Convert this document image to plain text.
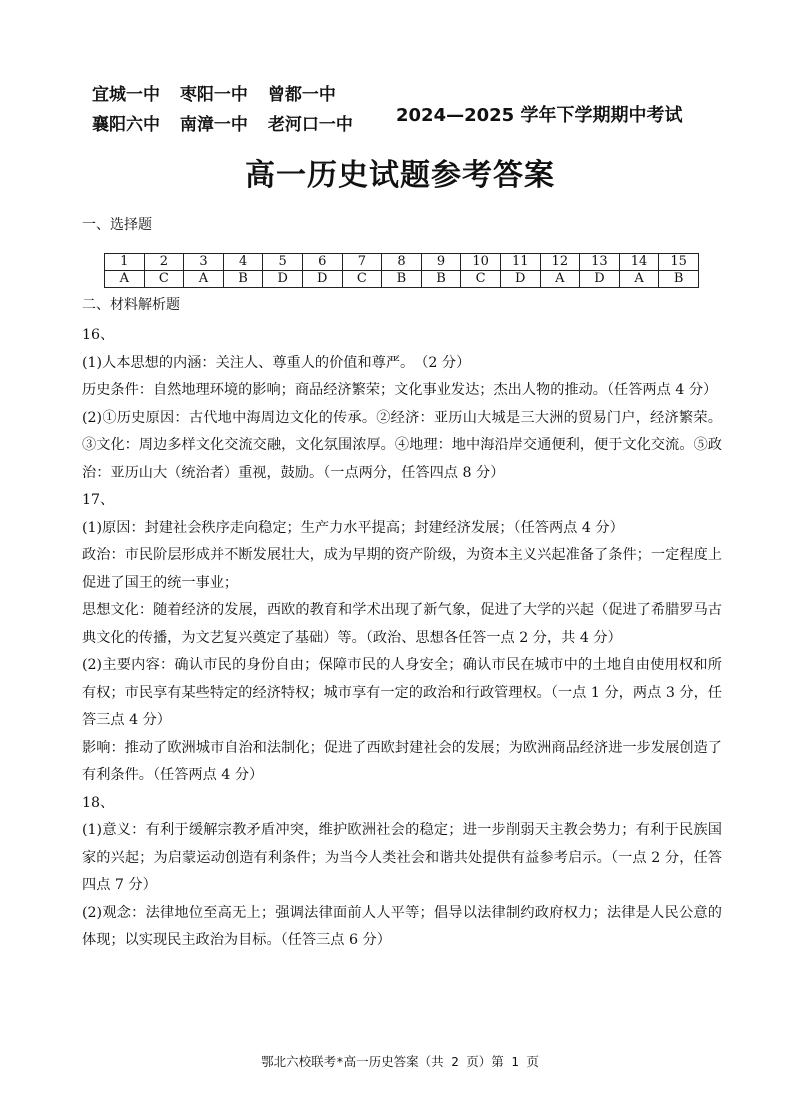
宜城一中 枣阳一中 曾都一中
襄阳六中 南漳一中 老河口一中	2024—2025 学年下学期期中考试
高一历史试题参考答案
一、选择题
1	2	3	4	5	6	7	8	9	10	11	12	13	14	15
A	C	A	B	D	D	C	B	B	C	D	A	D	A	B
二、材料解析题

16、

(1)人本思想的内涵：关注人、尊重人的价值和尊严。　（2 分）

历史条件：自然地理环境的影响；商品经济繁荣；文化事业发达；杰出人物的推动。（任答两点 4 分）

(2)①历史原因：古代地中海周边文化的传承。②经济：亚历山大城是三大洲的贸易门户，经济繁荣。③文化：周边多样文化交流交融，文化氛围浓厚。④地理：地中海沿岸交通便利，便于文化交流。⑤政治：亚历山大（统治者）重视，鼓励。（一点两分，任答四点 8 分）

17、

(1)原因：封建社会秩序走向稳定；生产力水平提高；封建经济发展；（任答两点 4 分）

政治：市民阶层形成并不断发展壮大，成为早期的资产阶级，为资本主义兴起准备了条件；一定程度上促进了国王的统一事业；

思想文化：随着经济的发展，西欧的教育和学术出现了新气象，促进了大学的兴起（促进了希腊罗马古典文化的传播，为文艺复兴奠定了基础）等。（政治、思想各任答一点 2 分，共 4 分）

(2)主要内容：确认市民的身份自由；保障市民的人身安全；确认市民在城市中的土地自由使用权和所有权；市民享有某些特定的经济特权；城市享有一定的政治和行政管理权。（一点 1 分，两点 3 分，任答三点 4 分）

影响：推动了欧洲城市自治和法制化；促进了西欧封建社会的发展；为欧洲商品经济进一步发展创造了有利条件。（任答两点 4 分）

18、

(1)意义：有利于缓解宗教矛盾冲突，维护欧洲社会的稳定；进一步削弱天主教会势力；有利于民族国家的兴起；为启蒙运动创造有利条件；为当今人类社会和谐共处提供有益参考启示。（一点 2 分，任答四点 7 分）

(2)观念：法律地位至高无上；强调法律面前人人平等；倡导以法律制约政府权力；法律是人民公意的体现；以实现民主政治为目标。（任答三点 6 分）

鄂北六校联考*高一历史答案（共 2 页）第 1 页
